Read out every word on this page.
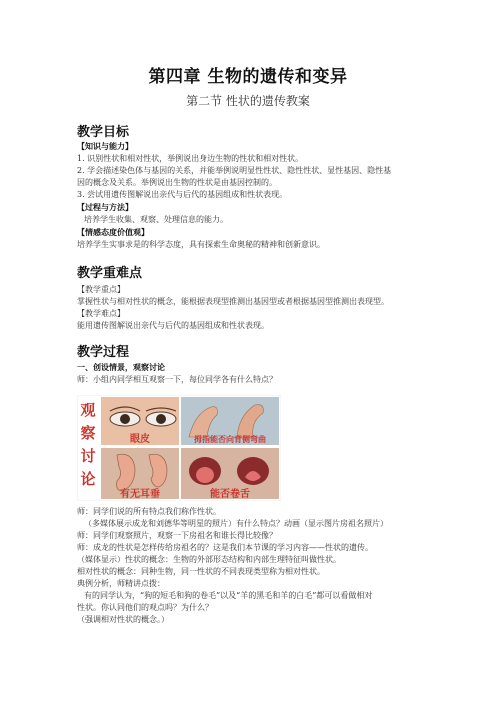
第四章 生物的遗传和变异
第二节 性状的遗传教案
教学目标
【知识与能力】
1. 识别性状和相对性状，举例说出身边生物的性状和相对性状。
2. 学会描述染色体与基因的关系，并能举例说明显性性状、隐性性状、显性基因、隐性基
因的概念及关系。举例说出生物的性状是由基因控制的。
3. 尝试用遗传图解说出亲代与后代的基因组成和性状表现。
【过程与方法】
培养学生收集、观察、处理信息的能力。
【情感态度价值观】
培养学生实事求是的科学态度，具有探索生命奥秘的精神和创新意识。
教学重难点
【教学重点】
掌握性状与相对性状的概念，能根据表现型推测出基因型或者根据基因型推测出表现型。
【教学难点】
能用遗传图解说出亲代与后代的基因组成和性状表现。
教学过程
一、创设情景，观察讨论
师：小组内同学相互观察一下，每位同学各有什么特点？
观
察
讨
论
眼皮	拇指能否向背侧弯曲
有无耳垂	能否卷舌
师：同学们说的所有特点我们称作性状。
（多媒体展示成龙和刘德华等明星的照片）有什么特点？动画（显示图片房祖名照片）
师：同学们观察照片，观察一下房祖名和谁长得比较像？
师：成龙的性状是怎样传给房祖名的？这是我们本节课的学习内容——性状的遗传。
（媒体显示）性状的概念：生物的外部形态结构和内部生理特征叫做性状。
相对性状的概念：同种生物，同一性状的不同表现类型称为相对性状。
典例分析，师精讲点拨：
有的同学认为，“狗的短毛和狗的卷毛”以及“羊的黑毛和羊的白毛”都可以看做相对
性状。你认同他们的观点吗？为什么？
（强调相对性状的概念。）
